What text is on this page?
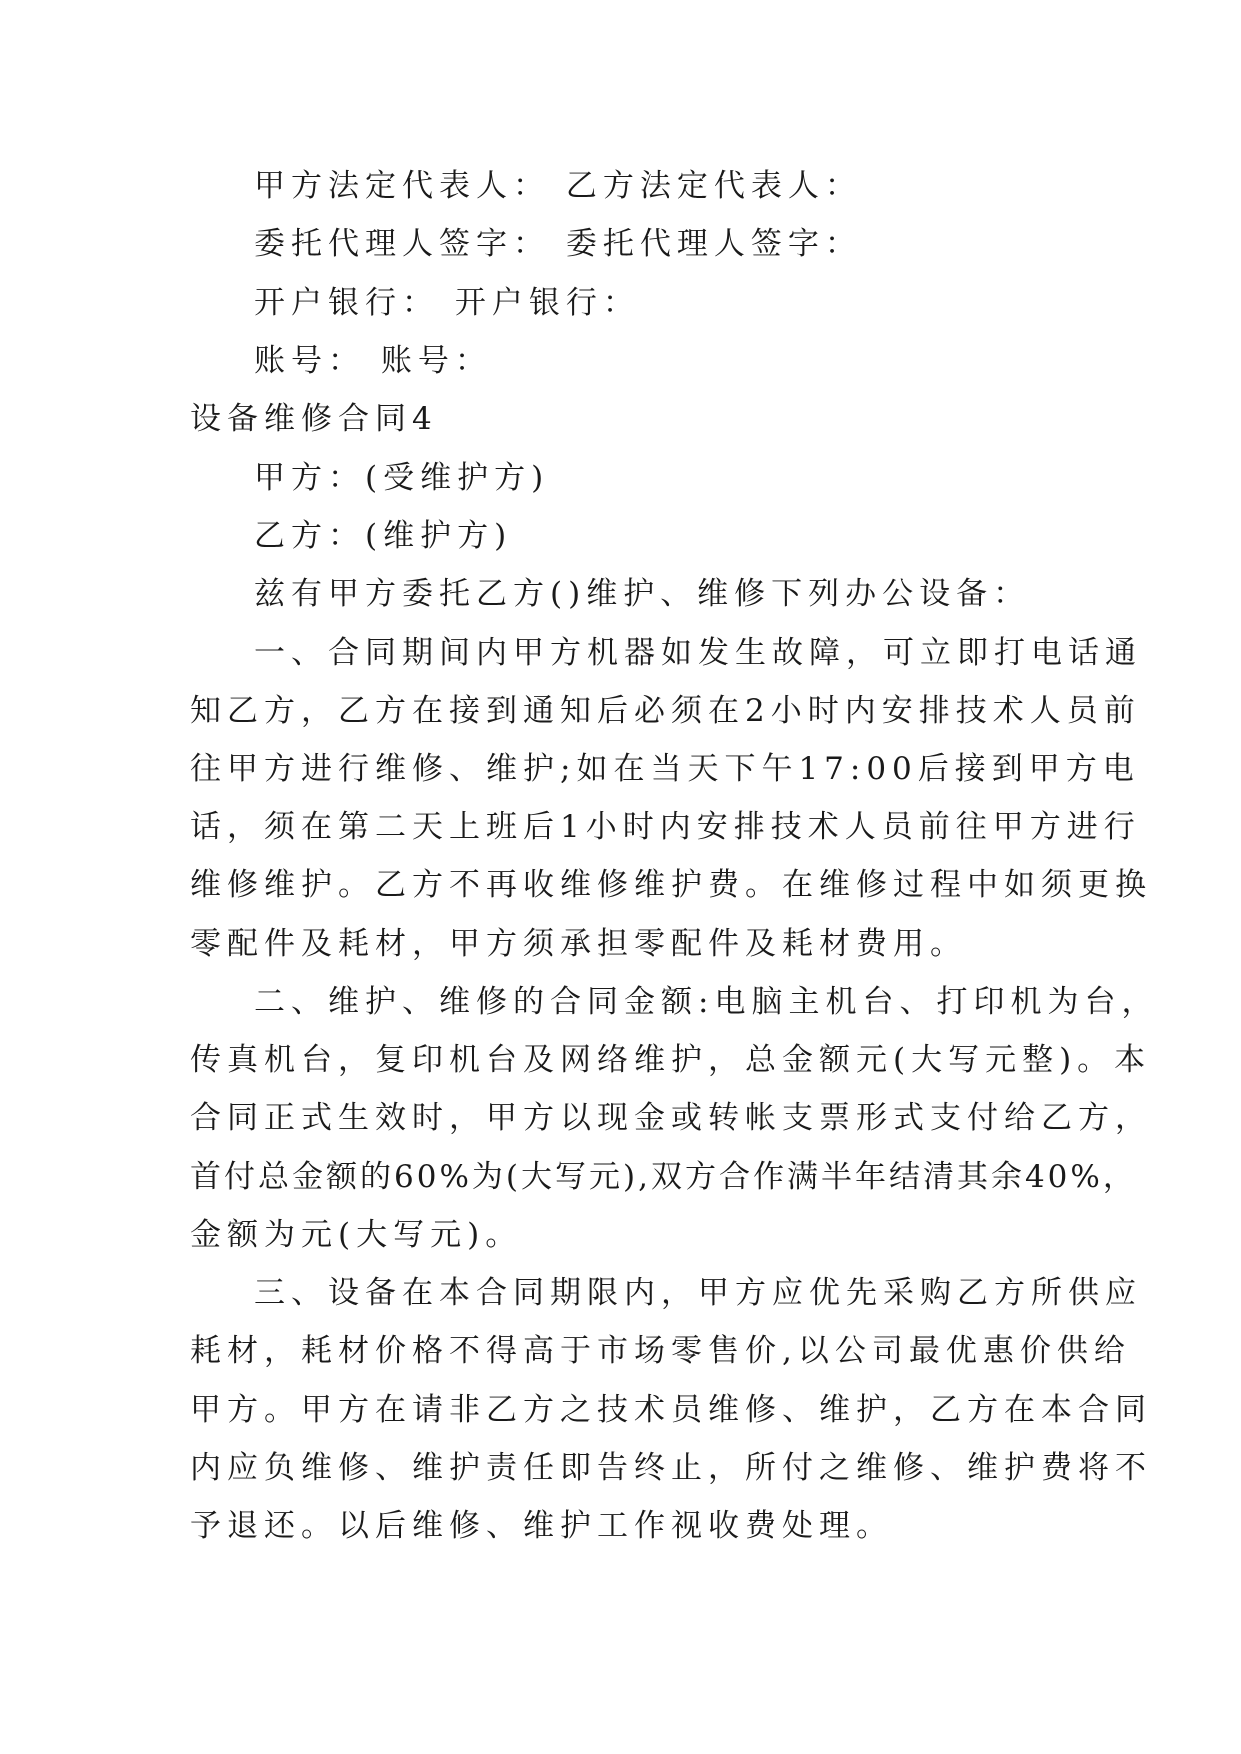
甲方法定代表人： 乙方法定代表人：
委托代理人签字： 委托代理人签字：
开户银行： 开户银行：
账号： 账号：
设备维修合同4
甲方：(受维护方)
乙方：(维护方)
兹有甲方委托乙方()维护、维修下列办公设备：
一、合同期间内甲方机器如发生故障，可立即打电话通
知乙方，乙方在接到通知后必须在2小时内安排技术人员前
往甲方进行维修、维护;如在当天下午17:00后接到甲方电
话，须在第二天上班后1小时内安排技术人员前往甲方进行
维修维护。乙方不再收维修维护费。在维修过程中如须更换
零配件及耗材，甲方须承担零配件及耗材费用。
二、维护、维修的合同金额:电脑主机台、打印机为台，
传真机台，复印机台及网络维护，总金额元(大写元整)。本
合同正式生效时，甲方以现金或转帐支票形式支付给乙方，
首付总金额的60%为(大写元),双方合作满半年结清其余40%，
金额为元(大写元)。
三、设备在本合同期限内，甲方应优先采购乙方所供应
耗材，耗材价格不得高于市场零售价,以公司最优惠价供给
甲方。甲方在请非乙方之技术员维修、维护，乙方在本合同
内应负维修、维护责任即告终止，所付之维修、维护费将不
予退还。以后维修、维护工作视收费处理。
